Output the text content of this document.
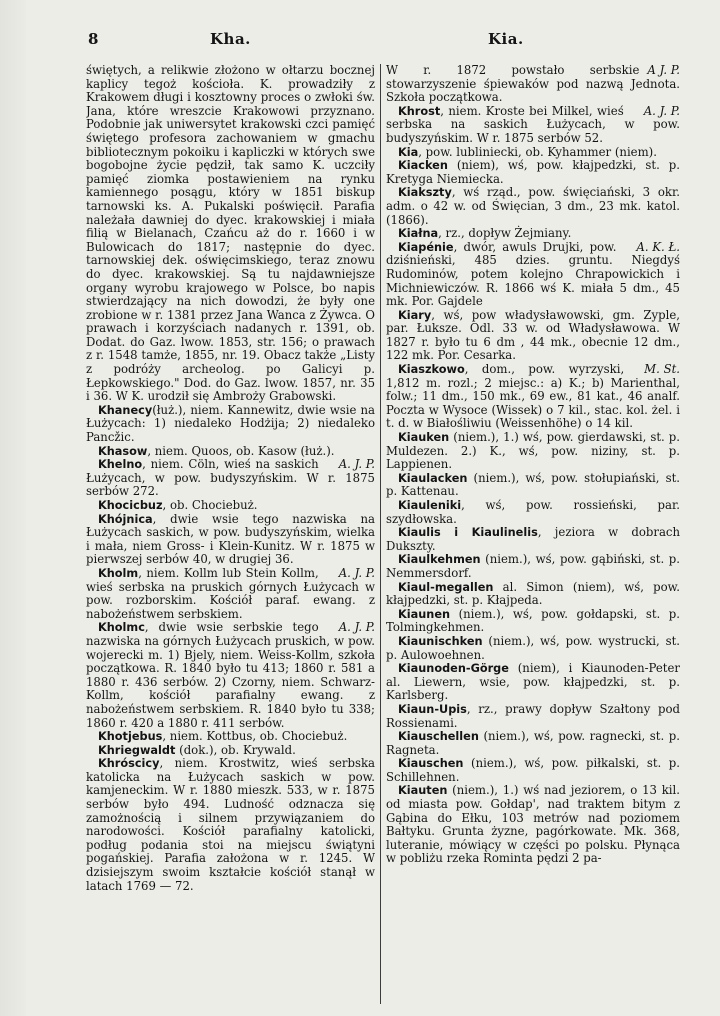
8	Kha.	Kia.

świętych, a relikwie złożono w ołtarzu bocznej kaplicy tegoż kościoła. K. prowadziły z Krakowem długi i kosztowny proces o zwłoki św. Jana, które wreszcie Krakowowi przyznano. Podobnie jak uniwersytet krakowski czci pamięć świętego profesora zachowaniem w gmachu bibliotecznym pokoiku i kapliczki w których swe bogobojne życie pędził, tak samo K. uczciły pamięć ziomka postawieniem na rynku kamiennego posągu, który w 1851 biskup tarnowski ks. A. Pukalski poświęcił. Parafia należała dawniej do dyec. krakowskiej i miała filią w Bielanach, Czańcu aż do r. 1660 i w Bulowicach do 1817; następnie do dyec. tarnowskiej dek. oświęcimskiego, teraz znowu do dyec. krakowskiej. Są tu najdawniejsze organy wyrobu krajowego w Polsce, bo napis stwierdzający na nich dowodzi, że były one zrobione w r. 1381 przez Jana Wanca z Żywca. O prawach i korzyściach nadanych r. 1391, ob. Dodat. do Gaz. lwow. 1853, str. 156; o prawach z r. 1548 tamże, 1855, nr. 19. Obacz także „Listy z podróży archeolog. po Galicyi p. Łepkowskiego." Dod. do Gaz. lwow. 1857, nr. 35 i 36. W K. urodził się Ambroży Grabowski.

Khanecy(łuż.), niem. Kannewitz, dwie wsie na Łużycach: 1) niedaleko Hodżija; 2) niedaleko Pancžic.

Khasow, niem. Quoos, ob. Kasow (łuż.).

A. J. P.
Khelno, niem. Cöln, wieś na saskich Łużycach, w pow. budyszyńskim. W r. 1875 serbów 272.

Khocicbuz, ob. Chociebuż.

Khójnica, dwie wsie tego nazwiska na Łużycach saskich, w pow. budyszyńskim, wielka i mała, niem Gross- i Klein-Kunitz. W r. 1875 w pierwszej serbów 40, w drugiej 36.

A. J. P.
Kholm, niem. Kollm lub Stein Kollm, wieś serbska na pruskich górnych Łużycach w pow. rozborskim. Kościół paraf. ewang. z nabożeństwem serbskiem.

A. J. P.
Kholmc, dwie wsie serbskie tego nazwiska na górnych Łużycach pruskich, w pow. wojerecki m. 1) Bjely, niem. Weiss-Kollm, szkoła początkowa. R. 1840 było tu 413; 1860 r. 581 a 1880 r. 436 serbów. 2) Czorny, niem. Schwarz-Kollm, kościół parafialny ewang. z nabożeństwem serbskiem. R. 1840 było tu 338; 1860 r. 420 a 1880 r. 411 serbów.

Khotjebus, niem. Kottbus, ob. Chociebuż.

Khriegwaldt (dok.), ob. Krywald.

Khróscicy, niem. Krostwitz, wieś serbska katolicka na Łużycach saskich w pow. kamjeneckim. W r. 1880 mieszk. 533, w r. 1875 serbów było 494. Ludność odznacza się zamożnością i silnem przywiązaniem do narodowości. Kościół parafialny katolicki, podług podania stoi na miejscu świątyni pogańskiej. Parafia założona w r. 1245. W dzisiejszym swoim kształcie kościół stanął w latach 1769 — 72.

A J. P.
W r. 1872 powstało serbskie stowarzyszenie śpiewaków pod nazwą Jednota. Szkoła początkowa.

A. J. P.
Khrost, niem. Kroste bei Milkel, wieś serbska na saskich Łużycach, w pow. budyszyńskim. W r. 1875 serbów 52.

Kia, pow. lubliniecki, ob. Kyhammer (niem).

Kiacken (niem), wś, pow. kłajpedzki, st. p. Kretyga Niemiecka.

Kiakszty, wś rząd., pow. święciański, 3 okr. adm. o 42 w. od Święcian, 3 dm., 23 mk. katol. (1866).

Kiałna, rz., dopływ Żejmiany.

A. K. Ł.
Kiapénie, dwór, awuls Drujki, pow. dziśnieński, 485 dzies. gruntu. Niegdyś Rudominów, potem kolejno Chrapowickich i Michniewiczów. R. 1866 wś K. miała 5 dm., 45 mk. Por. Gajdele

Kiary, wś, pow władysławowski, gm. Zyple, par. Łuksze. Odl. 33 w. od Władysławowa. W 1827 r. było tu 6 dm , 44 mk., obecnie 12 dm., 122 mk. Por. Cesarka.

M. St.
Kiaszkowo, dom., pow. wyrzyski, 1,812 m. rozl.; 2 miejsc.: a) K.; b) Marienthal, folw.; 11 dm., 150 mk., 69 ew., 81 kat., 46 analf. Poczta w Wysoce (Wissek) o 7 kil., stac. kol. żel. i t. d. w Białośliwiu (Weissenhöhe) o 14 kil.

Kiauken (niem.), 1.) wś, pow. gierdawski, st. p. Muldezen. 2.) K., wś, pow. niziny, st. p. Lappienen.

Kiaulacken (niem.), wś, pow. stołupiański, st. p. Kattenau.

Kiauleniki, wś, pow. rossieński, par. szydłowska.

Kiaulis i Kiaulinelis, jeziora w dobrach Dukszty.

Kiaulkehmen (niem.), wś, pow. gąbiński, st. p. Nemmersdorf.

Kiaul-megallen al. Simon (niem), wś, pow. kłajpedzki, st. p. Kłajpeda.

Kiaunen (niem.), wś, pow. gołdapski, st. p. Tolmingkehmen.

Kiaunischken (niem.), wś, pow. wystrucki, st. p. Aulowoehnen.

Kiaunoden-Görge (niem), i Kiaunoden-Peter al. Liewern, wsie, pow. kłajpedzki, st. p. Karlsberg.

Kiaun-Upis, rz., prawy dopływ Szałtony pod Rossienami.

Kiauschellen (niem.), wś, pow. ragnecki, st. p. Ragneta.

Kiauschen (niem.), wś, pow. piłkalski, st. p. Schillehnen.

Kiauten (niem.), 1.) wś nad jeziorem, o 13 kil. od miasta pow. Gołdap', nad traktem bitym z Gąbina do Ełku, 103 metrów nad poziomem Bałtyku. Grunta żyzne, pagórkowate. Mk. 368, luteranie, mówiący w części po polsku. Płynąca w pobliżu rzeka Rominta pędzi 2 pa-
